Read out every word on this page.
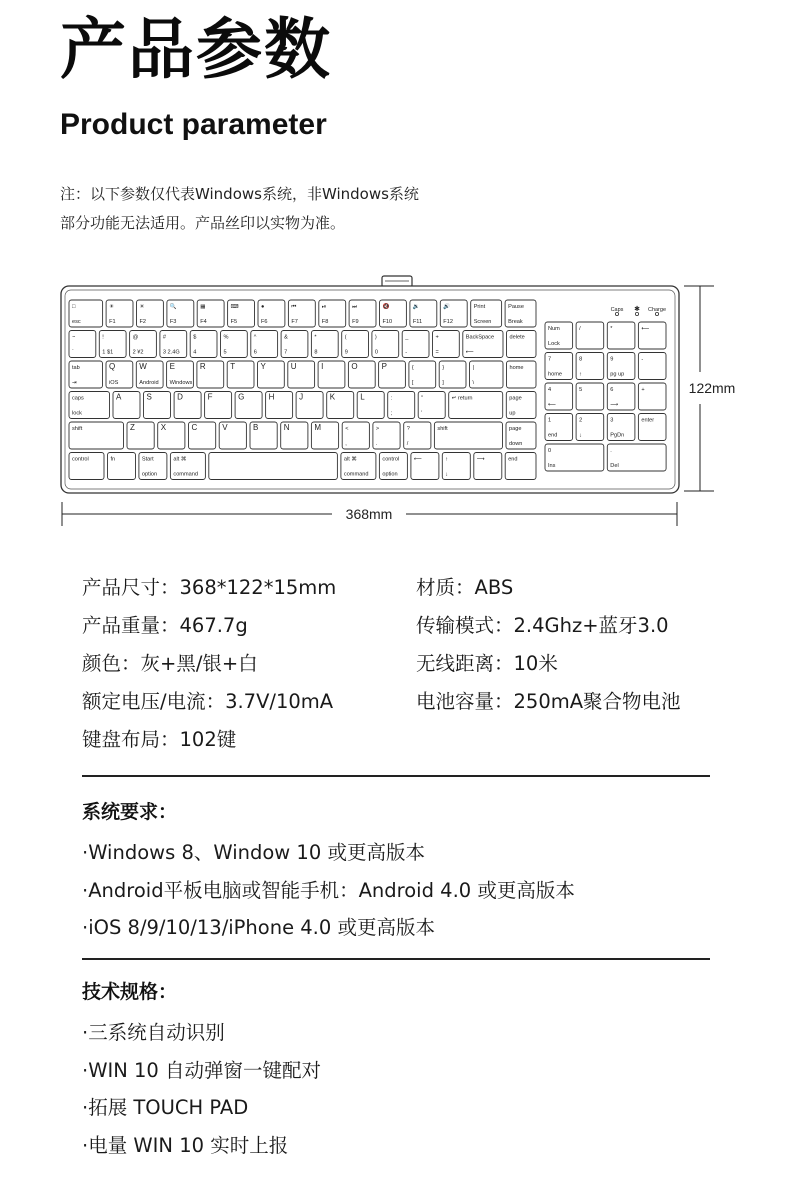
产品参数
Product parameter

注：以下参数仅代表Windows系统，非Windows系统

部分功能无法适用。产品丝印以实物为准。

Caps ✱ Charge
□
esc
☀
F1
☀
F2
🔍
F3
▦
F4
⌨
F5
●
F6
⏮
F7
⏯
F8
⏭
F9
🔇
F10
🔉
F11
🔊
F12
Print
Screen
Pause
Break
~
`
!
1 $1
@
2 ¥2
#
3 2.4G
$
4
%
5
^
6
&
7
*
8
(
9
)
0
_
-
+
=
BackSpace
⟵
delete
tab
⇥
Q
iOS
W
Android
E
Windows
R	T	Y	U	I	O	P	{
[
}
]
|
\
home
caps
lock
A	S	D	F	G	H	J	K	L	:
;
"
'
↵ return	page
up
shift	Z	X	C	V	B	N	M	<
,
>
.
?
/
shift	page
down
control	fn	Start
option
alt ⌘
command
alt ⌘
command
control
option
⟵	↑
↓
⟶	end
Num
Lock
/	*	⟵
7
home
8
↑
9
pg up
-
4
⟵
5	6
⟶
+
1
end
2
↓
3
PgDn
enter
0
Ins
.
Del
122mm
368mm
产品尺寸：368*122*15mm
产品重量：467.7g
颜色：灰+黑/银+白
额定电压/电流：3.7V/10mA
键盘布局：102键
材质：ABS
传输模式：2.4Ghz+蓝牙3.0
无线距离：10米
电池容量：250mA聚合物电池
系统要求：
·Windows 8、Window 10 或更高版本
·Android平板电脑或智能手机：Android 4.0 或更高版本
·iOS 8/9/10/13/iPhone 4.0 或更高版本
技术规格：
·三系统自动识别
·WIN 10 自动弹窗一键配对
·拓展 TOUCH PAD
·电量 WIN 10 实时上报
